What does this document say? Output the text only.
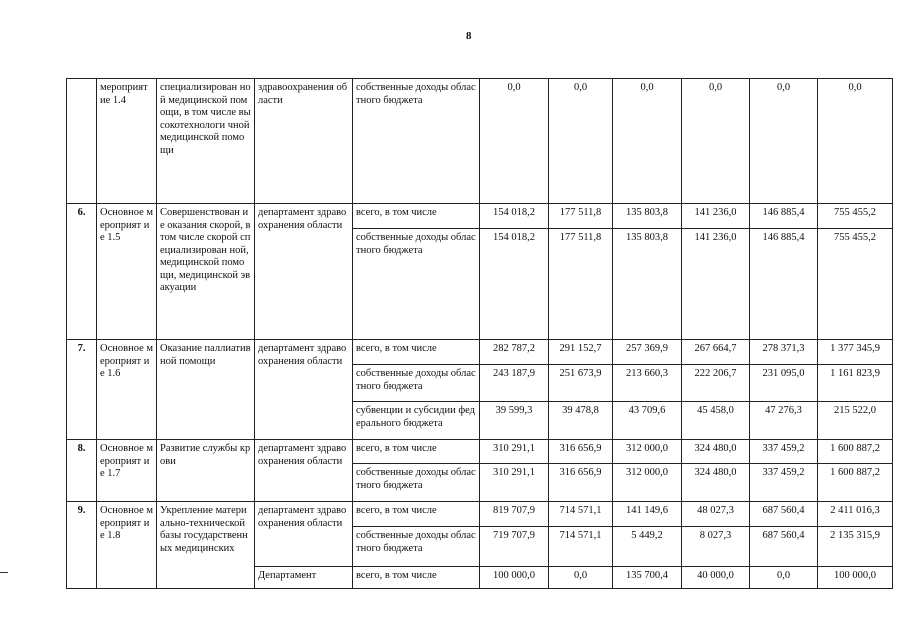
8
	мероприят ие 1.4	специализирован ной медицинской помощи, в том числе высокотехнологи чной медицинской помощи	здравоохранения области	собственные доходы областного бюджета	0,0	0,0	0,0	0,0	0,0	0,0
6.	Основное мероприят ие 1.5	Совершенствован ие оказания скорой, в том числе скорой специализирован ной, медицинской помощи, медицинской эвакуации	департамент здравоохранения области	всего, в том числе	154 018,2	177 511,8	135 803,8	141 236,0	146 885,4	755 455,2
				собственные доходы областного бюджета	154 018,2	177 511,8	135 803,8	141 236,0	146 885,4	755 455,2
7.	Основное мероприят ие 1.6	Оказание паллиативной помощи	департамент здравоохранения области	всего, в том числе	282 787,2	291 152,7	257 369,9	267 664,7	278 371,3	1 377 345,9
				собственные доходы областного бюджета	243 187,9	251 673,9	213 660,3	222 206,7	231 095,0	1 161 823,9
				субвенции и субсидии федерального бюджета	39 599,3	39 478,8	43 709,6	45 458,0	47 276,3	215 522,0
8.	Основное мероприят ие 1.7	Развитие службы крови	департамент здравоохранения области	всего, в том числе	310 291,1	316 656,9	312 000,0	324 480,0	337 459,2	1 600 887,2
				собственные доходы областного бюджета	310 291,1	316 656,9	312 000,0	324 480,0	337 459,2	1 600 887,2
9.	Основное мероприят ие 1.8	Укрепление материально-технической базы государственных медицинских	департамент здравоохранения области	всего, в том числе	819 707,9	714 571,1	141 149,6	48 027,3	687 560,4	2 411 016,3
				собственные доходы областного бюджета	719 707,9	714 571,1	5 449,2	8 027,3	687 560,4	2 135 315,9
			Департамент	всего, в том числе	100 000,0	0,0	135 700,4	40 000,0	0,0	100 000,0
